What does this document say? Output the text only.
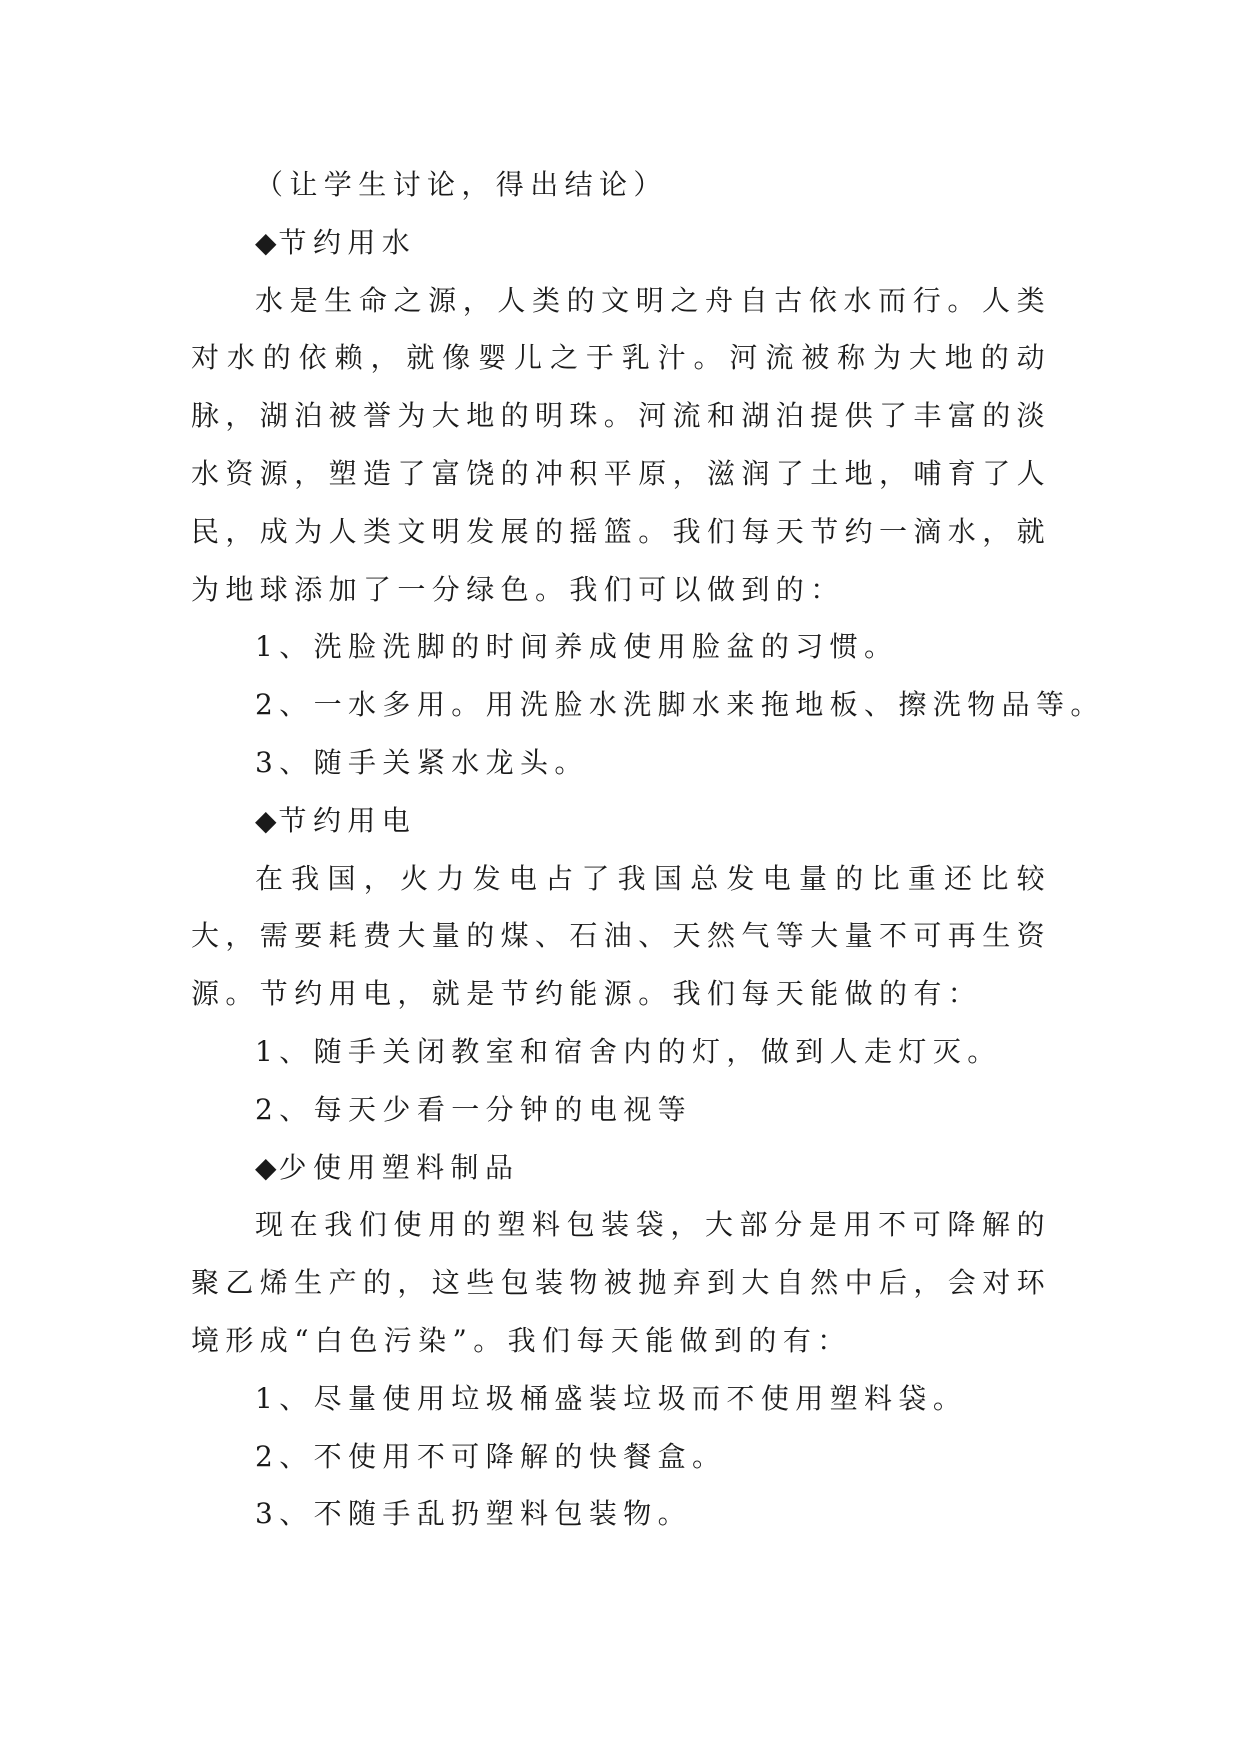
（让学生讨论，得出结论）
◆节约用水

水是生命之源，人类的文明之舟自古依水而行。人类对水的依赖，就像婴儿之于乳汁。河流被称为大地的动脉，湖泊被誉为大地的明珠。河流和湖泊提供了丰富的淡水资源，塑造了富饶的冲积平原，滋润了土地，哺育了人民，成为人类文明发展的摇篮。我们每天节约一滴水，就为地球添加了一分绿色。我们可以做到的：

1、洗脸洗脚的时间养成使用脸盆的习惯。
2、一水多用。用洗脸水洗脚水来拖地板、擦洗物品等。
3、随手关紧水龙头。
◆节约用电

在我国，火力发电占了我国总发电量的比重还比较大，需要耗费大量的煤、石油、天然气等大量不可再生资源。节约用电，就是节约能源。我们每天能做的有：

1、随手关闭教室和宿舍内的灯，做到人走灯灭。
2、每天少看一分钟的电视等
◆少使用塑料制品

现在我们使用的塑料包装袋，大部分是用不可降解的聚乙烯生产的，这些包装物被抛弃到大自然中后，会对环境形成“白色污染”。我们每天能做到的有：

1、尽量使用垃圾桶盛装垃圾而不使用塑料袋。
2、不使用不可降解的快餐盒。
3、不随手乱扔塑料包装物。
